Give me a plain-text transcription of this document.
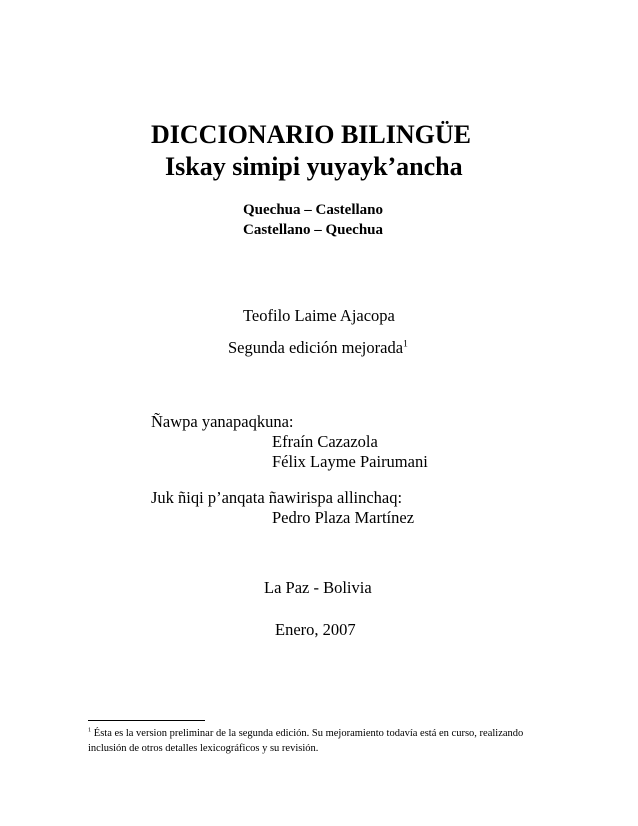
DICCIONARIO BILINGÜE
Iskay simipi yuyayk’ancha
Quechua – Castellano
Castellano – Quechua
Teofilo Laime Ajacopa
Segunda edición mejorada$^1$
Ñawpa yanapaqkuna:
Efraín Cazazola
Félix Layme Pairumani
Juk ñiqi p’anqata ñawirispa allinchaq:
Pedro Plaza Martínez
La Paz - Bolivia
Enero, 2007
$^1$ Ésta es la version preliminar de la segunda edición. Su mejoramiento todavía está en curso, realizando
inclusión de otros detalles lexicográficos y su revisión.
